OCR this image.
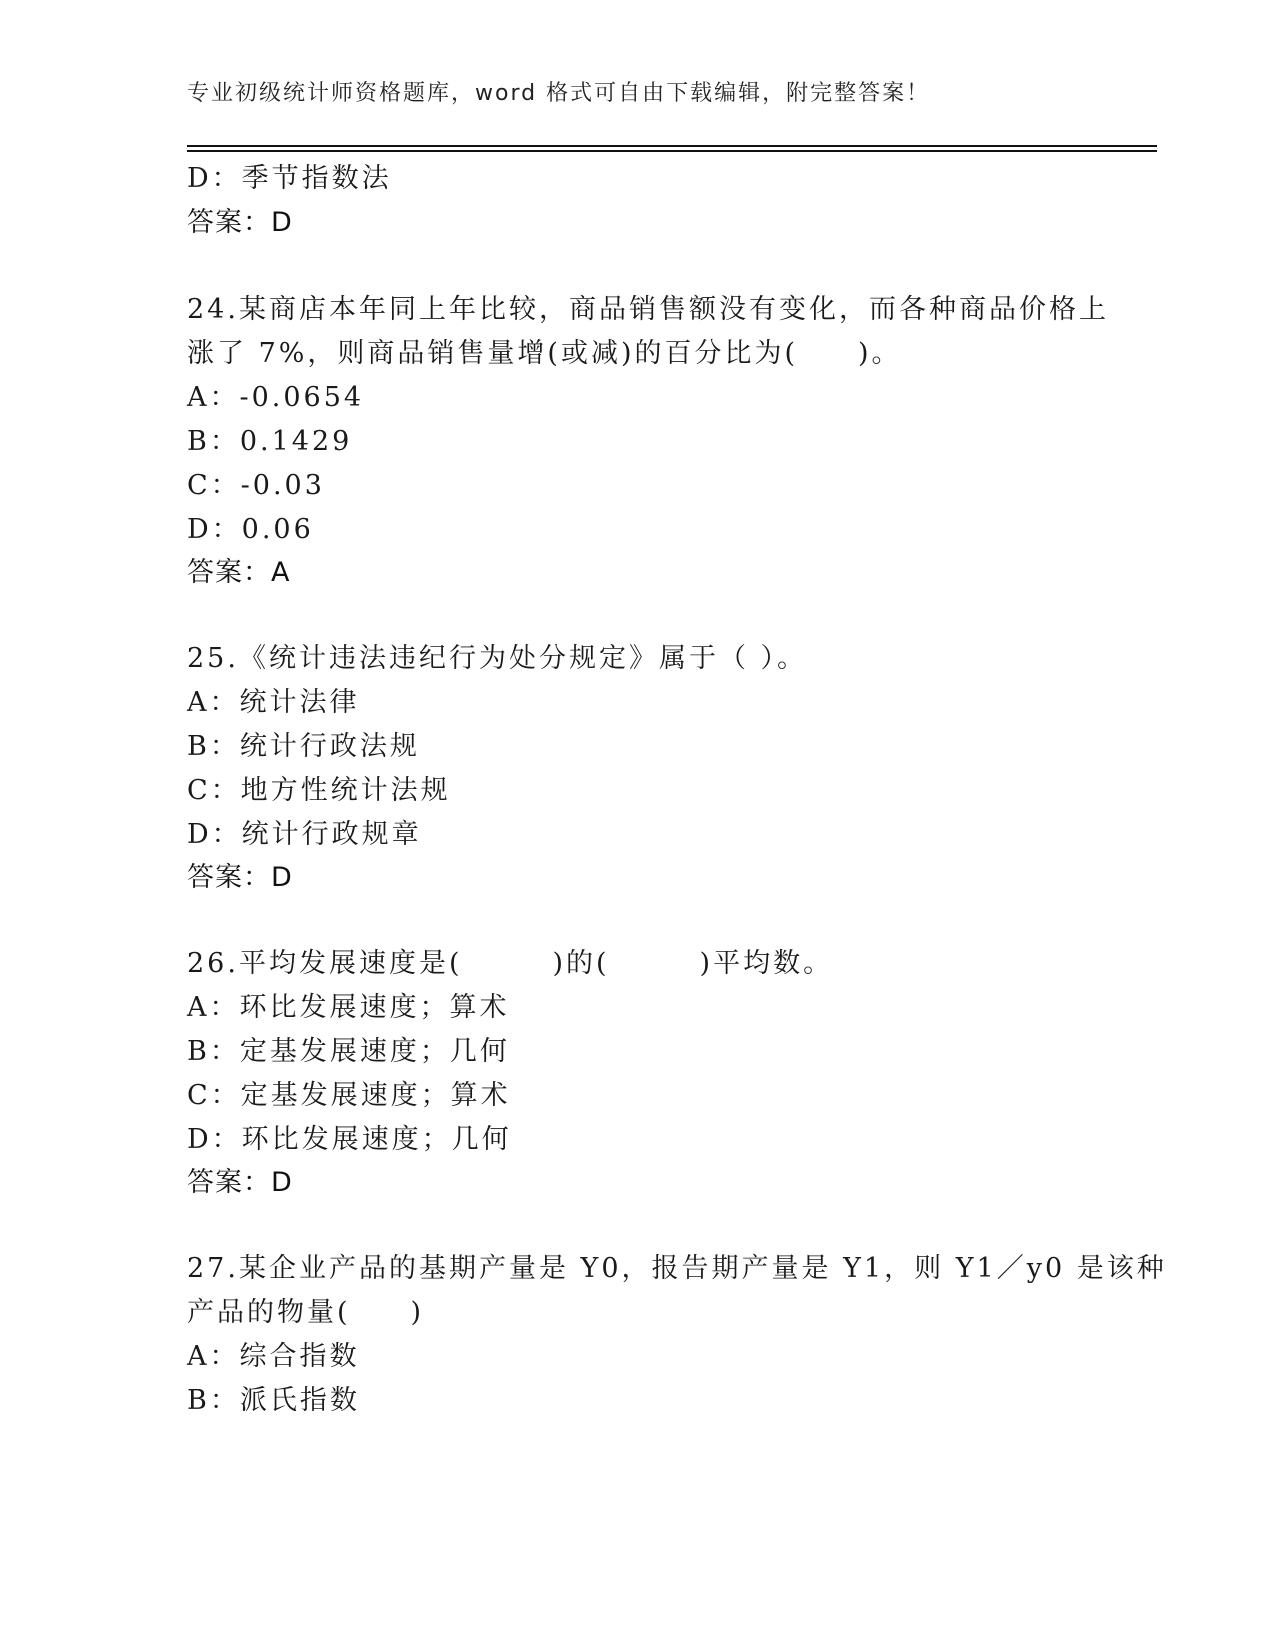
专业初级统计师资格题库，word 格式可自由下载编辑，附完整答案！
D：季节指数法
答案：D
24.某商店本年同上年比较，商品销售额没有变化，而各种商品价格上
涨了 7%，则商品销售量增(或减)的百分比为(　　)。
A：-0.0654
B：0.1429
C：-0.03
D：0.06
答案：A
25.《统计违法违纪行为处分规定》属于（ ）。
A：统计法律
B：统计行政法规
C：地方性统计法规
D：统计行政规章
答案：D
26.平均发展速度是(　　　)的(　　　)平均数。
A：环比发展速度；算术
B：定基发展速度；几何
C：定基发展速度；算术
D：环比发展速度；几何
答案：D
27.某企业产品的基期产量是 Y0，报告期产量是 Y1，则 Y1／y0 是该种
产品的物量(　　)
A：综合指数
B：派氏指数
